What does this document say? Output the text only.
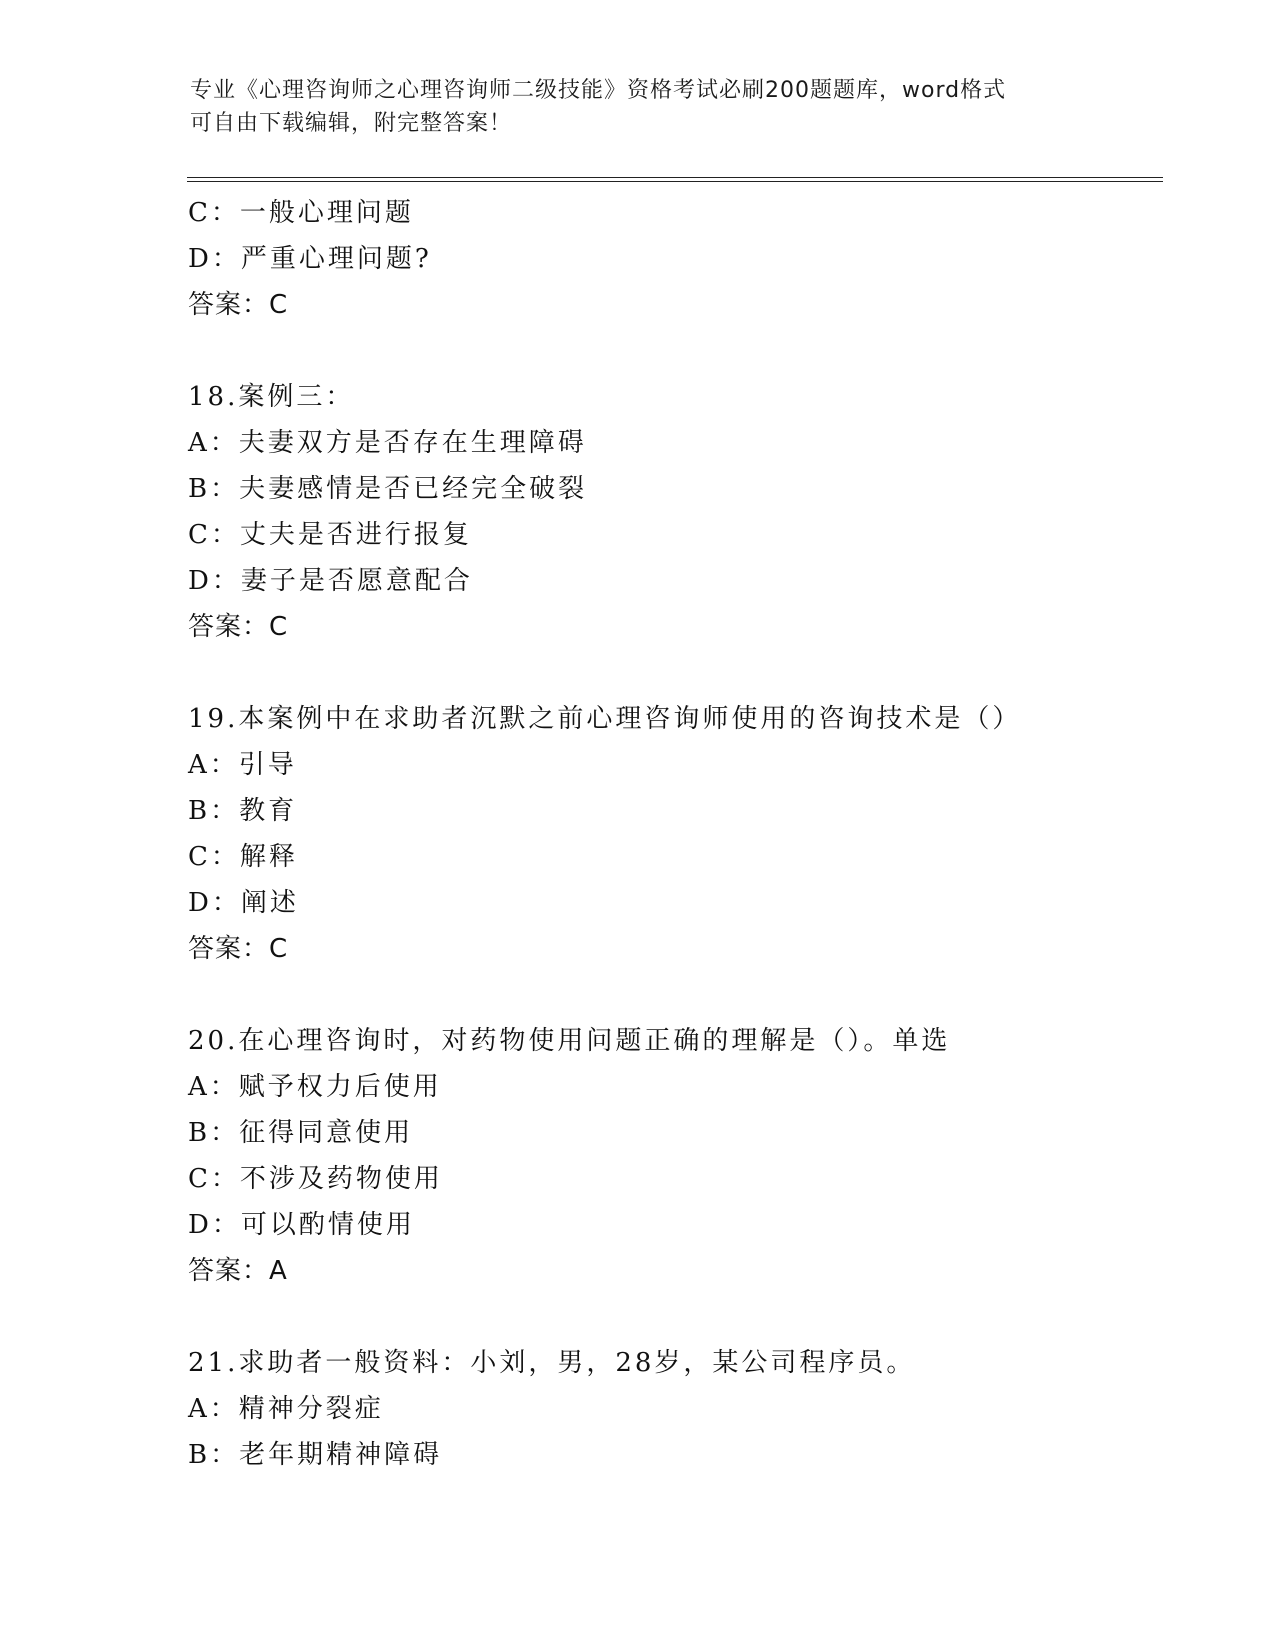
专业《心理咨询师之心理咨询师二级技能》资格考试必刷200题题库，word格式
可自由下载编辑，附完整答案！
C：一般心理问题
D：严重心理问题?
答案：C
18.案例三：
A：夫妻双方是否存在生理障碍
B：夫妻感情是否已经完全破裂
C：丈夫是否进行报复
D：妻子是否愿意配合
答案：C
19.本案例中在求助者沉默之前心理咨询师使用的咨询技术是（）
A：引导
B：教育
C：解释
D：阐述
答案：C
20.在心理咨询时，对药物使用问题正确的理解是（）。单选
A：赋予权力后使用
B：征得同意使用
C：不涉及药物使用
D：可以酌情使用
答案：A
21.求助者一般资料：小刘，男，28岁，某公司程序员。
A：精神分裂症
B：老年期精神障碍
